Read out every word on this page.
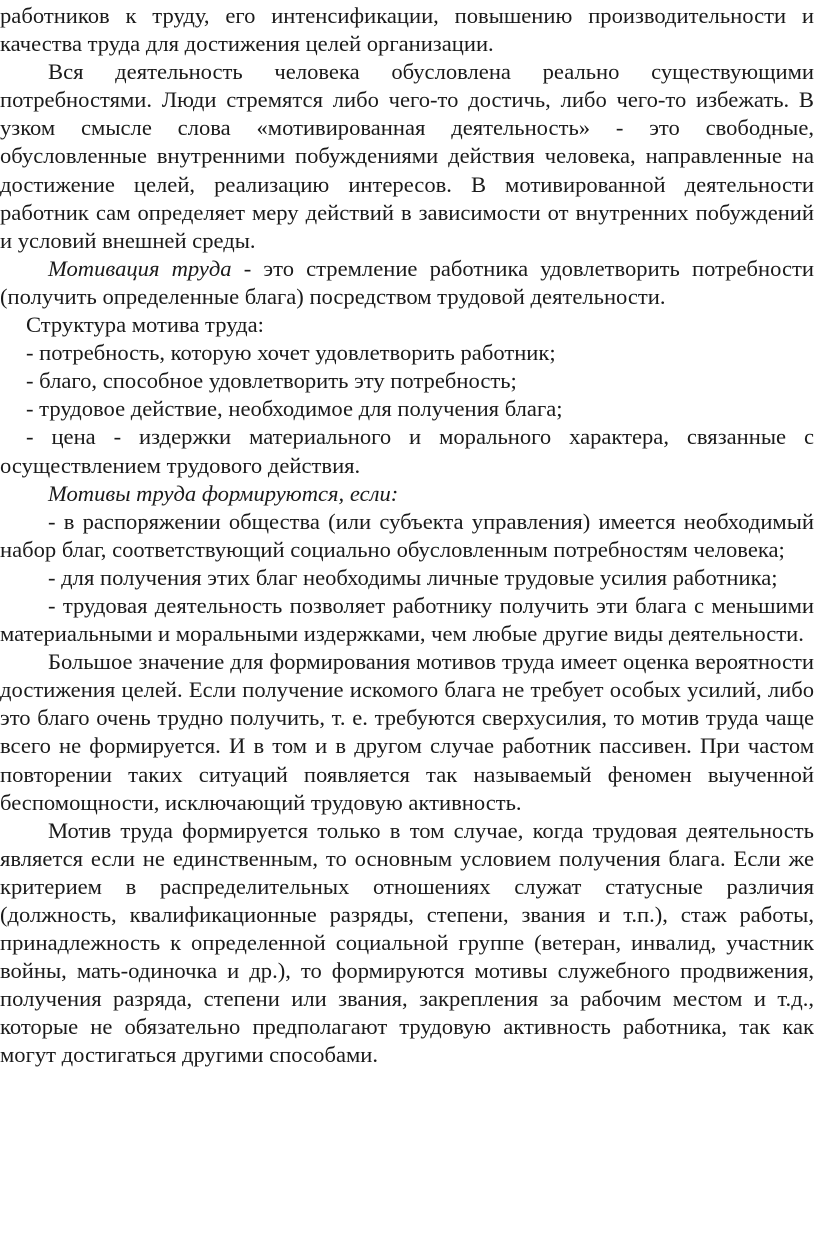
работников к труду, его интенсификации, повышению производительности и качества труда для достижения целей организации.

Вся деятельность человека обусловлена реально существующими потребностями. Люди стремятся либо чего-то достичь, либо чего-то избежать. В узком смысле слова «мотивированная деятельность» - это свободные, обусловленные внутренними побуждениями действия человека, направленные на достижение целей, реализацию интересов. В мотивированной деятельности работник сам определяет меру действий в зависимости от внутренних побуждений и условий внешней среды.

Мотивация труда - это стремление работника удовлетворить потребности (получить определенные блага) посредством трудовой деятельности.

Структура мотива труда:

- потребность, которую хочет удовлетворить работник;

- благо, способное удовлетворить эту потребность;

- трудовое действие, необходимое для получения блага;

- цена - издержки материального и морального характера, связанные с осуществлением трудового действия.

Мотивы труда формируются, если:

- в распоряжении общества (или субъекта управления) имеется необходимый набор благ, соответствующий социально обусловленным потребностям человека;

- для получения этих благ необходимы личные трудовые усилия работника;

- трудовая деятельность позволяет работнику получить эти блага с меньшими материальными и моральными издержками, чем любые другие виды деятельности.

Большое значение для формирования мотивов труда имеет оценка вероятности достижения целей. Если получение искомого блага не требует особых усилий, либо это благо очень трудно получить, т. е. требуются сверхусилия, то мотив труда чаще всего не формируется. И в том и в другом случае работник пассивен. При частом повторении таких ситуаций появляется так называемый феномен выученной беспомощности, исключающий трудовую активность.

Мотив труда формируется только в том случае, когда трудовая деятельность является если не единственным, то основным условием получения блага. Если же критерием в распределительных отношениях служат статусные различия (должность, квалификационные разряды, степени, звания и т.п.), стаж работы, принадлежность к определенной социальной группе (ветеран, инвалид, участник войны, мать-одиночка и др.), то формируются мотивы служебного продвижения, получения разряда, степени или звания, закрепления за рабочим местом и т.д., которые не обязательно предполагают трудовую активность работника, так как могут достигаться другими способами.
